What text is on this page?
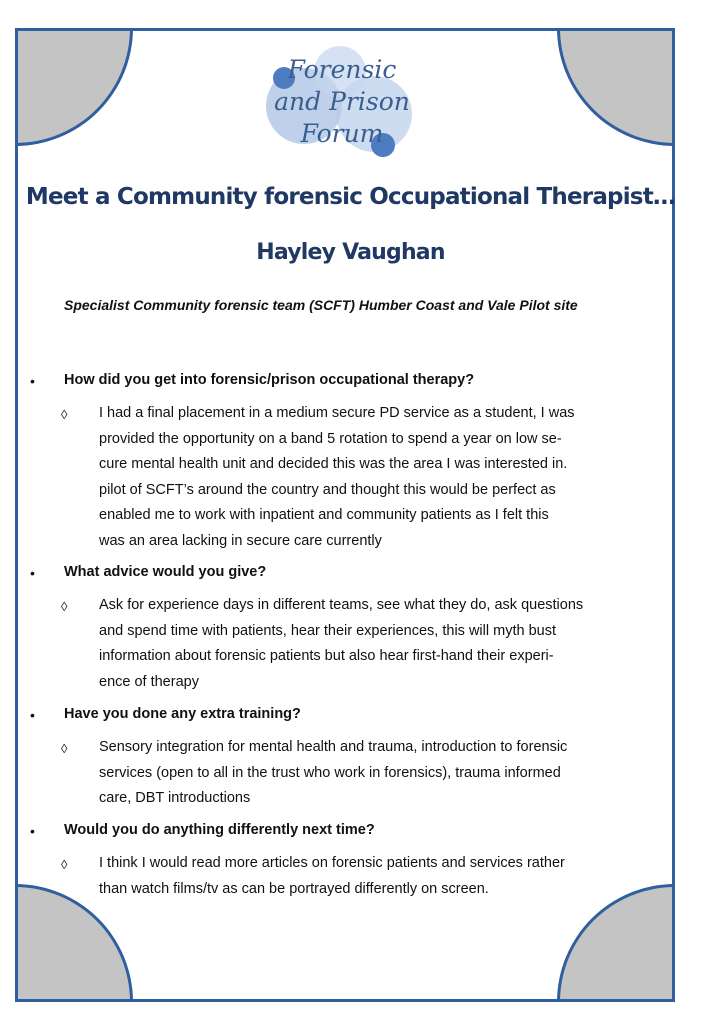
Forensic
and Prison
Forum
Meet a Community forensic Occupational Therapist…
Hayley Vaughan
Specialist Community forensic team (SCFT) Humber Coast and Vale Pilot site
• How did you get into forensic/prison occupational therapy?
◊ I had a final placement in a medium secure PD service as a student, I was
provided the opportunity on a band 5 rotation to spend a year on low se-
cure mental health unit and decided this was the area I was interested in.
pilot of SCFT’s around the country and thought this would be perfect as
enabled me to work with inpatient and community patients as I felt this
was an area lacking in secure care currently
• What advice would you give?
◊ Ask for experience days in different teams, see what they do, ask questions
and spend time with patients, hear their experiences, this will myth bust
information about forensic patients but also hear first-hand their experi-
ence of therapy
• Have you done any extra training?
◊ Sensory integration for mental health and trauma, introduction to forensic
services (open to all in the trust who work in forensics), trauma informed
care, DBT introductions
• Would you do anything differently next time?
◊ I think I would read more articles on forensic patients and services rather
than watch films/tv as can be portrayed differently on screen.
